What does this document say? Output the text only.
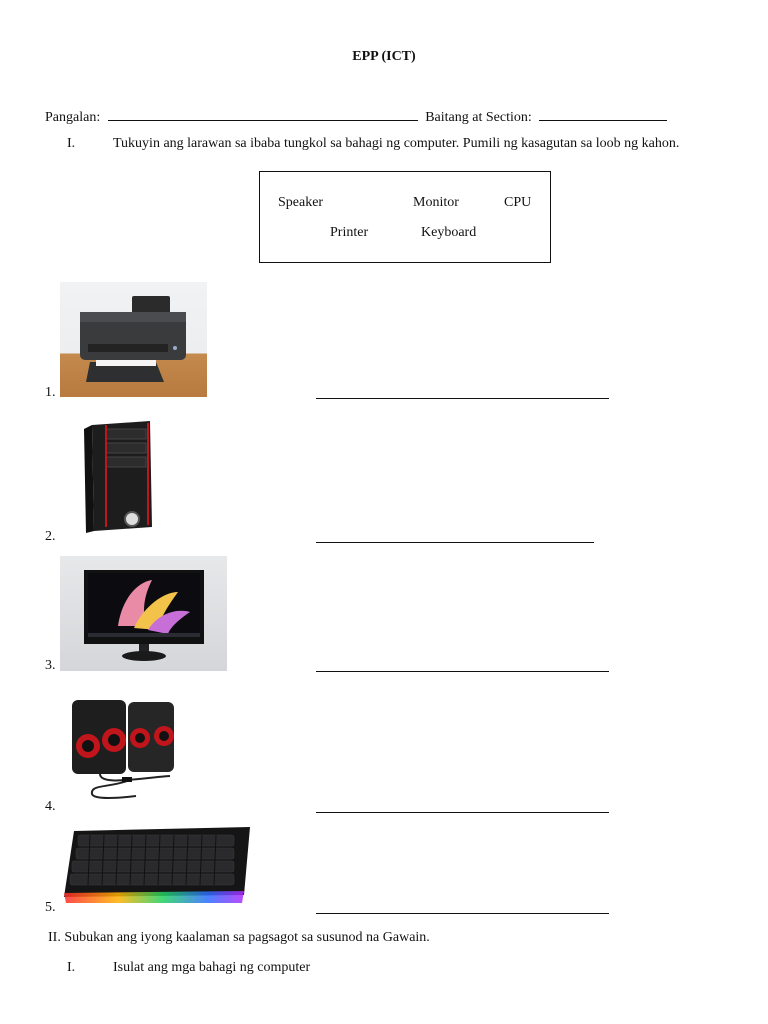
EPP (ICT)
Pangalan:	Baitang at Section:
I.	Tukuyin ang larawan sa ibaba tungkol sa bahagi ng computer. Pumili ng kasagutan sa loob ng kahon.
Speaker	Monitor	CPU
Printer	Keyboard
1.
2.
3.
4.
5.
II. Subukan ang iyong kaalaman sa pagsagot sa susunod na Gawain.
I.	Isulat ang mga bahagi ng computer
